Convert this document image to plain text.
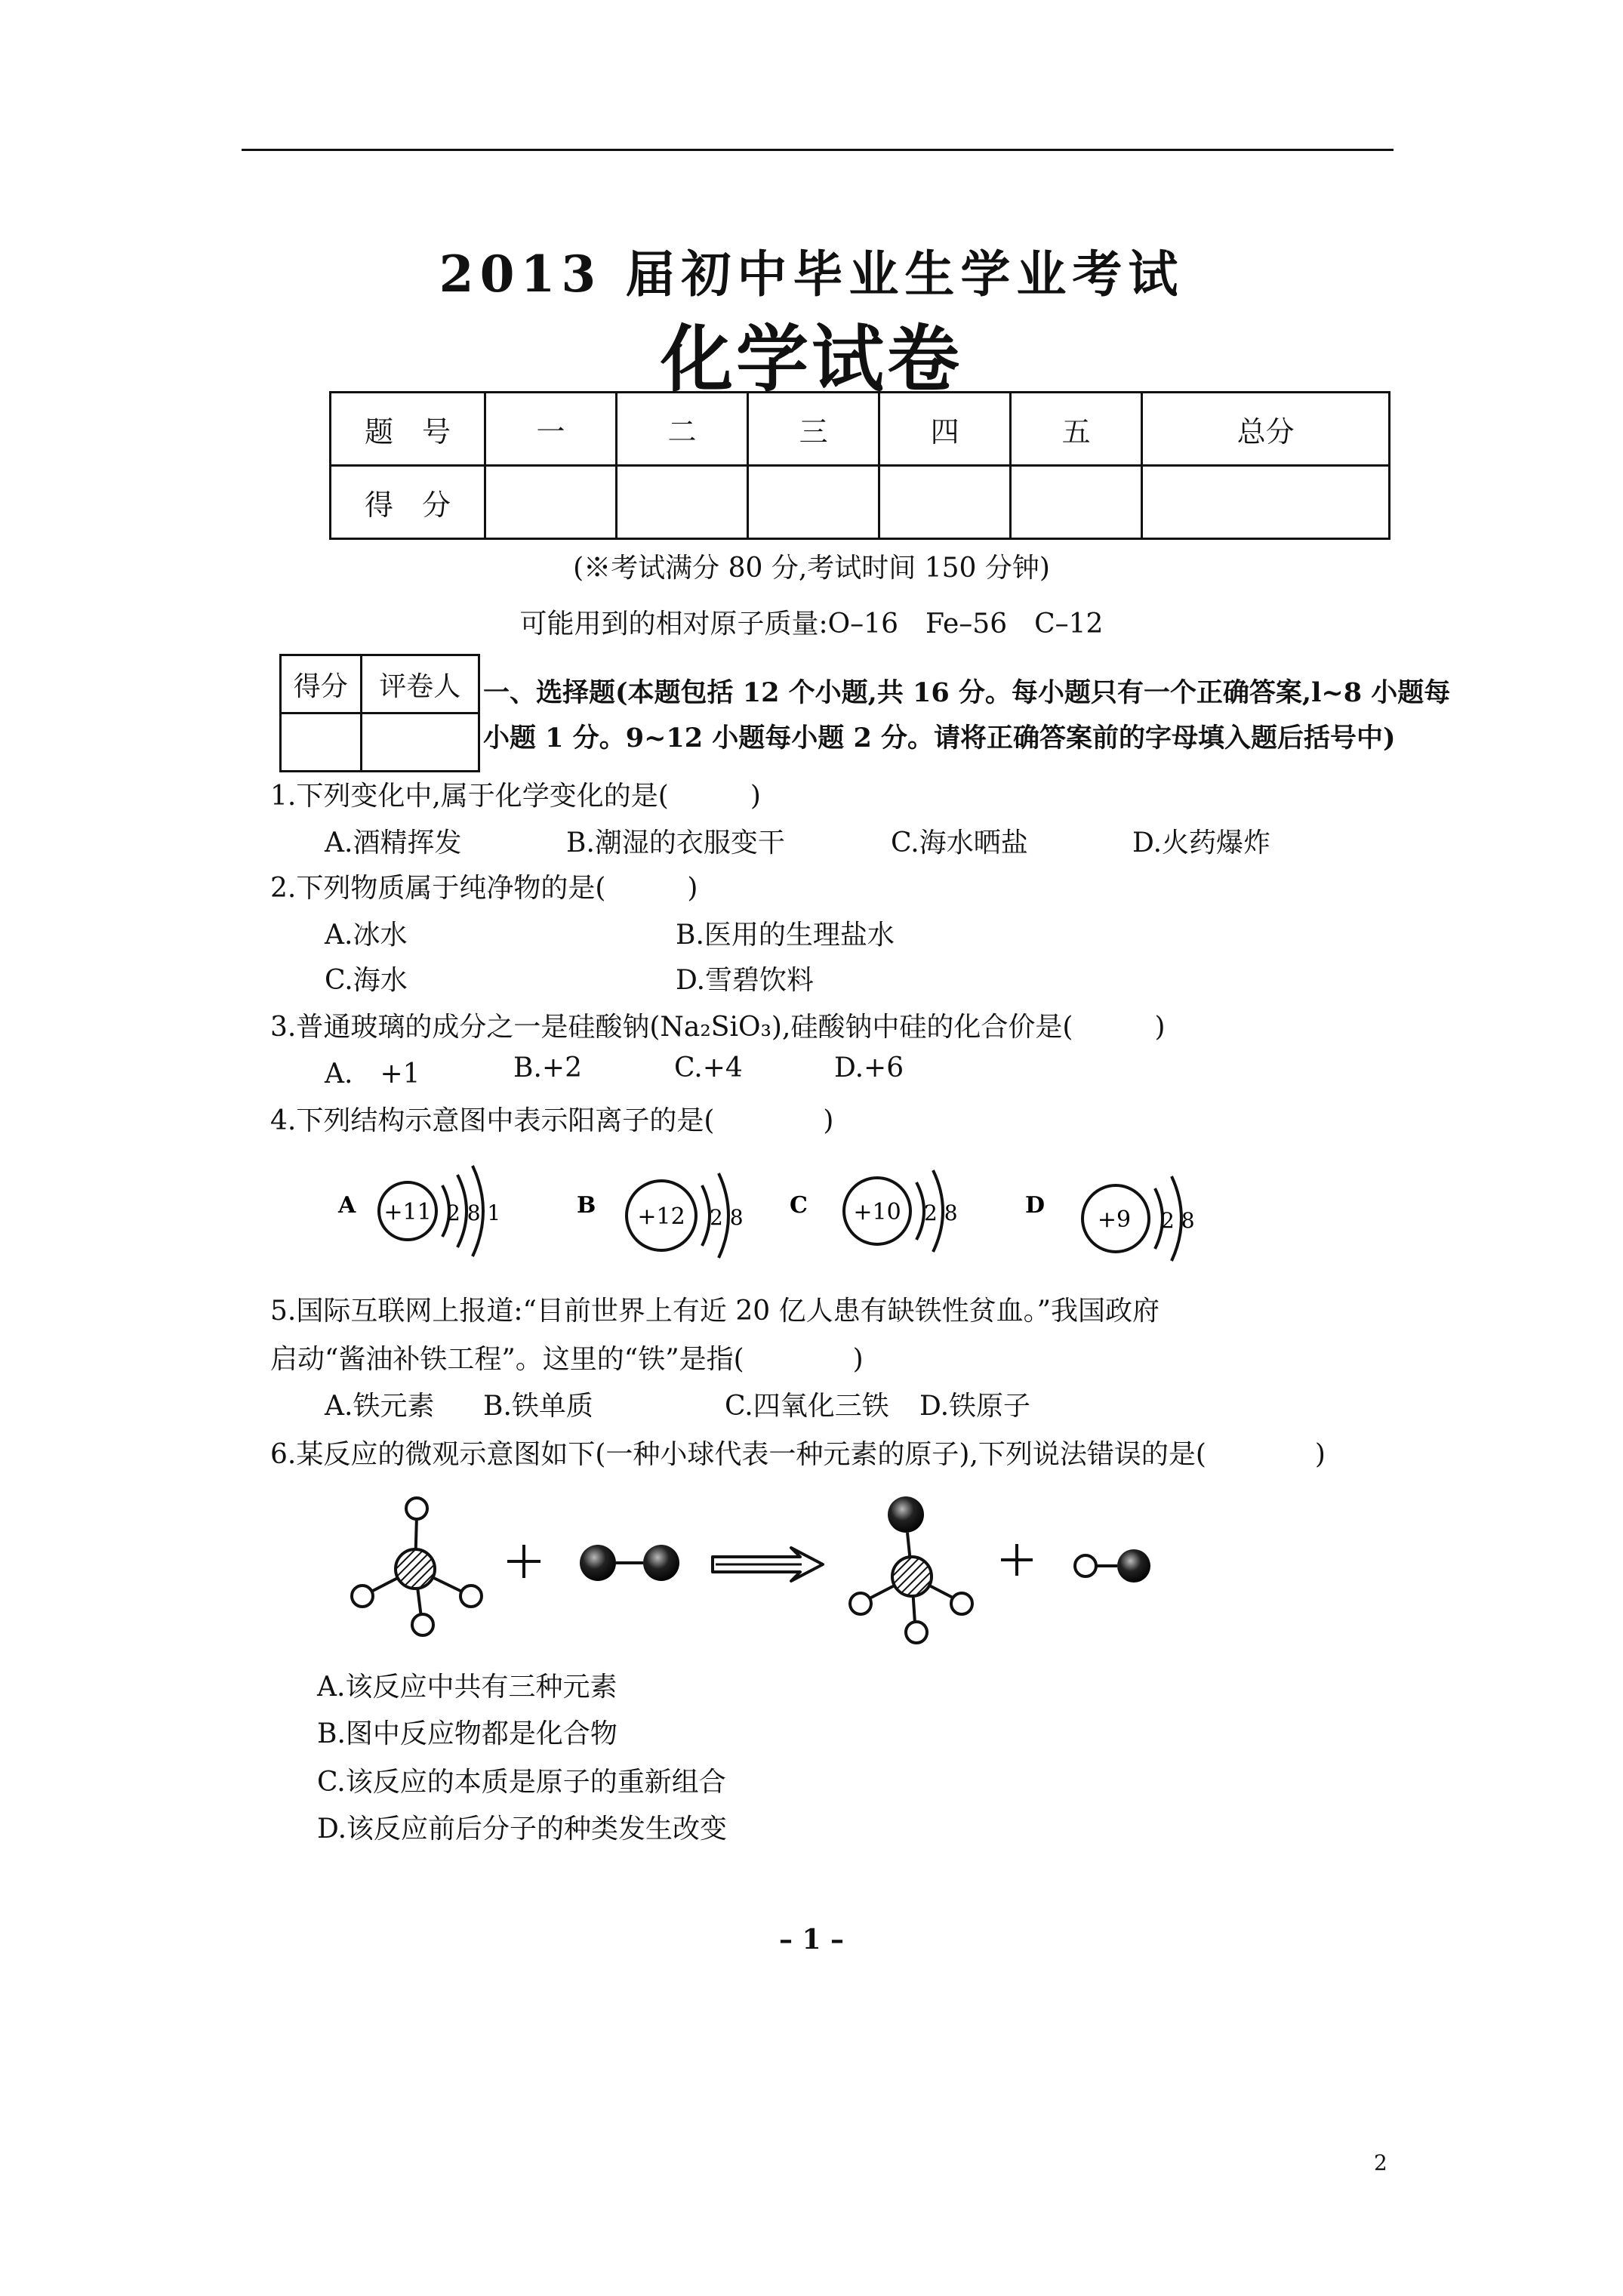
2013 届初中毕业生学业考试
化学试卷
题　号	一	二	三	四	五	总分
得　分						
(※考试满分 80 分,考试时间 150 分钟)
可能用到的相对原子质量:O–16　Fe–56　C–12
得分	评卷人
	一、选择题(本题包括 12 个小题,共 16 分。每小题只有一个正确答案,l~8 小题每
小题 1 分。9~12 小题每小题 2 分。请将正确答案前的字母填入题后括号中)
1.下列变化中,属于化学变化的是(　　　)
A.酒精挥发	B.潮湿的衣服变干	C.海水晒盐	D.火药爆炸
2.下列物质属于纯净物的是(　　　)
A.冰水	B.医用的生理盐水
C.海水	D.雪碧饮料
3.普通玻璃的成分之一是硅酸钠(Na₂SiO₃),硅酸钠中硅的化合价是(　　　)
A.　+1	B.+2	C.+4	D.+6
4.下列结构示意图中表示阳离子的是(　　　　)
A +11 2 8 1	B +12 2 8 C +10 2 8	D
+9 2 8
5.国际互联网上报道:“目前世界上有近 20 亿人患有缺铁性贫血。”我国政府
启动“酱油补铁工程”。这里的“铁”是指(　　　　)
A.铁元素 B.铁单质	C.四氧化三铁 D.铁原子
6.某反应的微观示意图如下(一种小球代表一种元素的原子),下列说法错误的是(　　　　)
A.该反应中共有三种元素
B.图中反应物都是化合物
C.该反应的本质是原子的重新组合
D.该反应前后分子的种类发生改变
– 1 –
2
